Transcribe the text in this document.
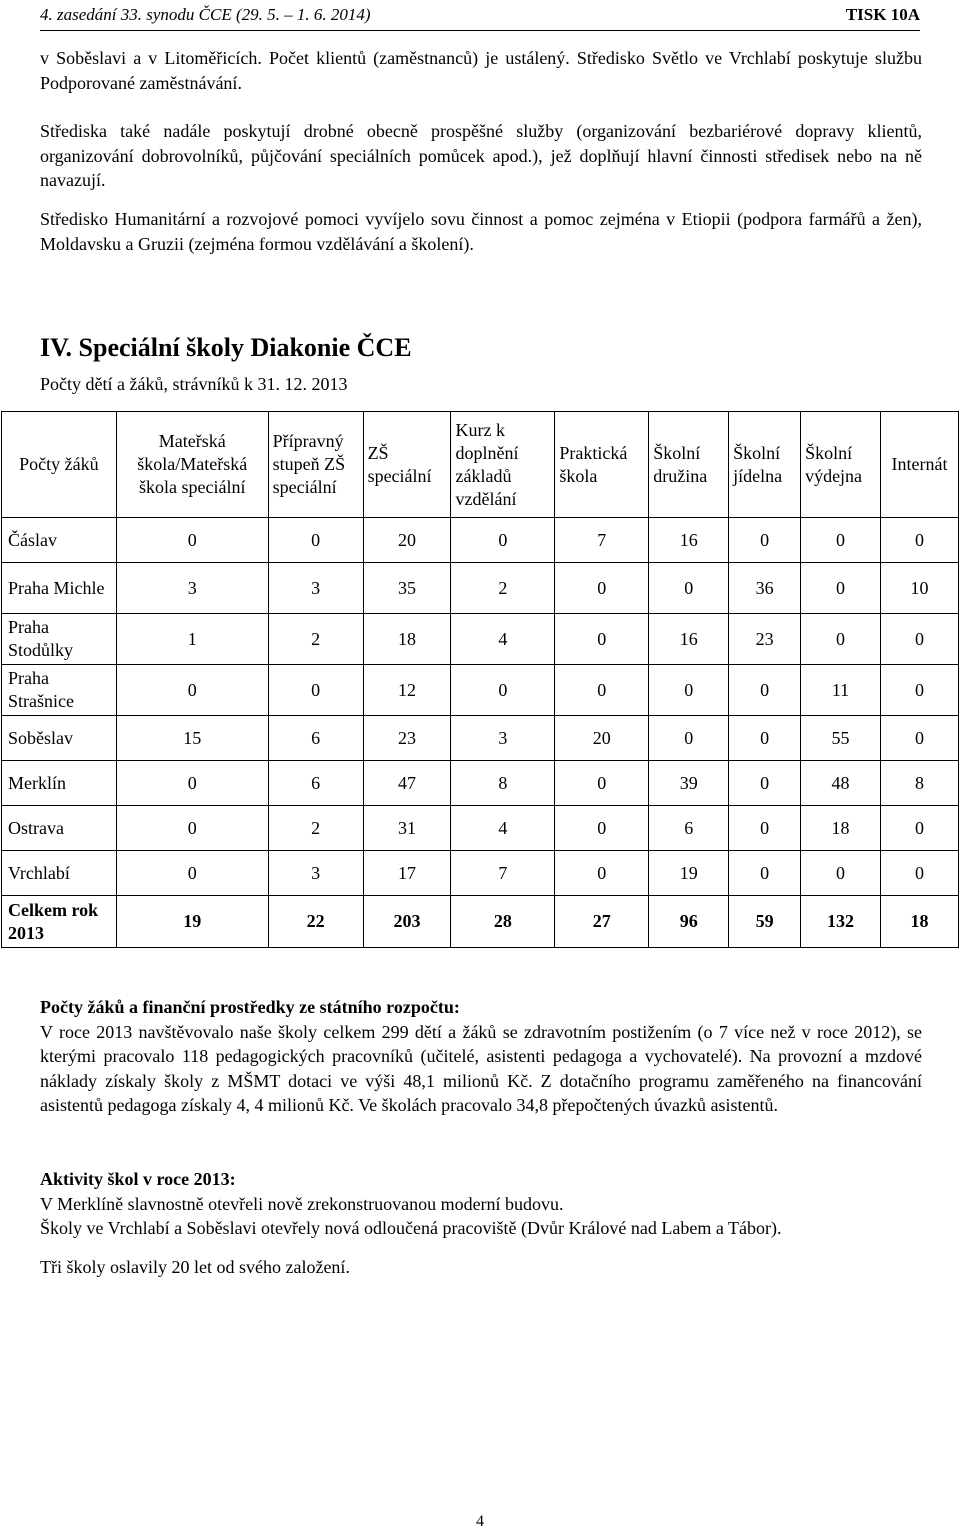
4. zasedání 33. synodu ČCE (29. 5. – 1. 6. 2014)	TISK 10A

v Soběslavi a v Litoměřicích. Počet klientů (zaměstnanců) je ustálený. Středisko Světlo ve Vrchlabí poskytuje službu Podporované zaměstnávání.

Střediska také nadále poskytují drobné obecně prospěšné služby (organizování bezbariérové dopravy klientů, organizování dobrovolníků, půjčování speciálních pomůcek apod.), jež doplňují hlavní činnosti středisek nebo na ně navazují.

Středisko Humanitární a rozvojové pomoci vyvíjelo sovu činnost a pomoc zejména v Etiopii (podpora farmářů a žen), Moldavsku a Gruzii (zejména formou vzdělávání a školení).

IV. Speciální školy Diakonie ČCE
Počty dětí a žáků, strávníků k 31. 12. 2013
Počty žáků	Mateřská škola/Mateřská škola speciální	Přípravný stupeň ZŠ speciální	ZŠ speciální	Kurz k doplnění základů vzdělání	Praktická škola	Školní družina	Školní jídelna	Školní výdejna	Internát
Čáslav	0	0	20	0	7	16	0	0	0
Praha Michle	3	3	35	2	0	0	36	0	10
Praha Stodůlky	1	2	18	4	0	16	23	0	0
Praha Strašnice	0	0	12	0	0	0	0	11	0
Soběslav	15	6	23	3	20	0	0	55	0
Merklín	0	6	47	8	0	39	0	48	8
Ostrava	0	2	31	4	0	6	0	18	0
Vrchlabí	0	3	17	7	0	19	0	0	0
Celkem rok 2013	19	22	203	28	27	96	59	132	18
Počty žáků a finanční prostředky ze státního rozpočtu:
V roce 2013 navštěvovalo naše školy celkem 299 dětí a žáků se zdravotním postižením (o 7 více než v roce 2012), se kterými pracovalo 118 pedagogických pracovníků (učitelé, asistenti pedagoga a vychovatelé). Na provozní a mzdové náklady získaly školy z MŠMT dotaci ve výši 48,1 milionů Kč. Z dotačního programu zaměřeného na financování asistentů pedagoga získaly 4, 4 milionů Kč. Ve školách pracovalo 34,8 přepočtených úvazků asistentů.
Aktivity škol v roce 2013:
V Merklíně slavnostně otevřeli nově zrekonstruovanou moderní budovu.
Školy ve Vrchlabí a Soběslavi otevřely nová odloučená pracoviště (Dvůr Králové nad Labem a Tábor).
Tři školy oslavily 20 let od svého založení.
4
